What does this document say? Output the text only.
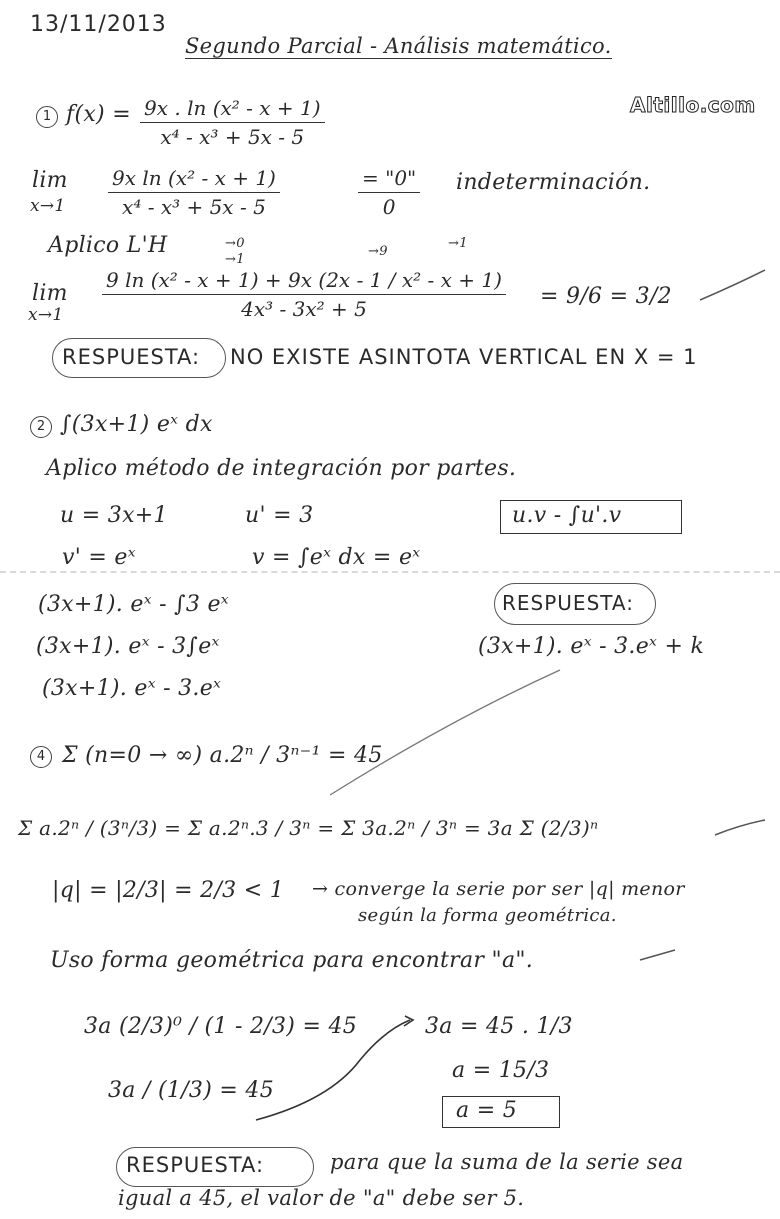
13/11/2013
Segundo Parcial - Análisis matemático.
Altillo.com
1 f(x) = 9x . ln (x² - x + 1)
x⁴ - x³ + 5x - 5
lim
x→1
9x ln (x² - x + 1)
x⁴ - x³ + 5x - 5
= "0"
0
indeterminación.
Aplico L'H	→0
→1
→9
→1
lim
x→1
9 ln (x² - x + 1) + 9x (2x - 1 / x² - x + 1)
4x³ - 3x² + 5	= 9/6 = 3/2
RESPUESTA: NO EXISTE ASINTOTA VERTICAL EN X = 1
2 ∫(3x+1) eˣ dx
Aplico método de integración por partes.
u = 3x+1	u' = 3	u.v - ∫u'.v
v' = eˣ	v = ∫eˣ dx = eˣ
(3x+1). eˣ - ∫3 eˣ
(3x+1). eˣ - 3∫eˣ
(3x+1). eˣ - 3.eˣ
RESPUESTA:
(3x+1). eˣ - 3.eˣ + k
4 Σ (n=0 → ∞) a.2ⁿ / 3ⁿ⁻¹ = 45
Σ a.2ⁿ / (3ⁿ/3) = Σ a.2ⁿ.3 / 3ⁿ = Σ 3a.2ⁿ / 3ⁿ = 3a Σ (2/3)ⁿ
|q| = |2/3| = 2/3 < 1 → converge la serie por ser |q| menor
según la forma geométrica.
Uso forma geométrica para encontrar "a".
3a (2/3)⁰ / (1 - 2/3) = 45
3a / (1/3) = 45
3a = 45 . 1/3
a = 15/3
a = 5
RESPUESTA:	para que la suma de la serie sea
igual a 45, el valor de "a" debe ser 5.
